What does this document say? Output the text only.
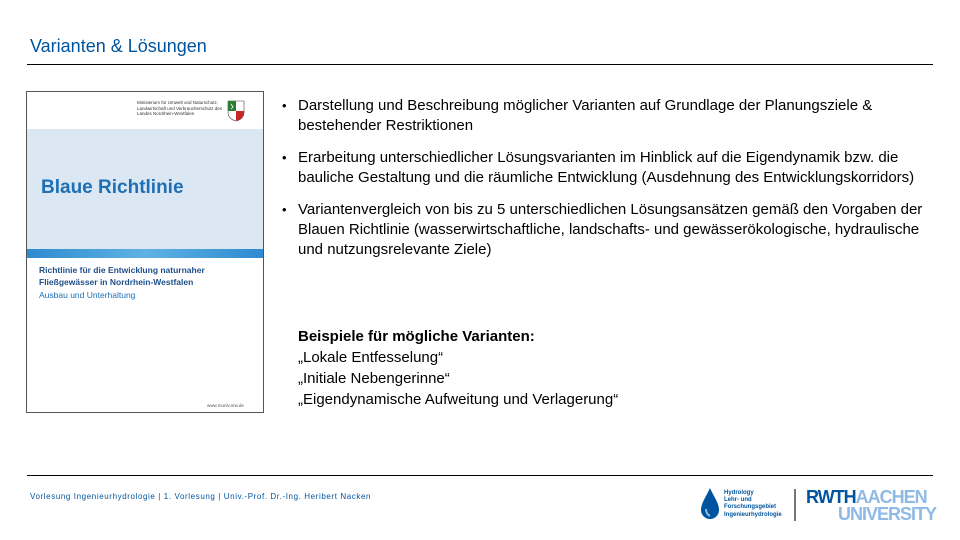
Varianten & Lösungen
Ministerium für Umwelt und Naturschutz, Landwirtschaft und Verbraucherschutz des Landes Nordrhein-Westfalen
Blaue Richtlinie
Richtlinie für die Entwicklung naturnaher Fließgewässer in Nordrhein-Westfalen
Ausbau und Unterhaltung
www.munlv.nrw.de
• Darstellung und Beschreibung möglicher Varianten auf Grundlage der Planungsziele & bestehender Restriktionen
• Erarbeitung unterschiedlicher Lösungsvarianten im Hinblick auf die Eigendynamik bzw. die bauliche Gestaltung und die räumliche Entwicklung (Ausdehnung des Entwicklungskorridors)
• Variantenvergleich von bis zu 5 unterschiedlichen Lösungsansätzen gemäß den Vorgaben der Blauen Richtlinie (wasserwirtschaftliche, landschafts- und gewässerökologische, hydraulische und nutzungsrelevante Ziele)
Beispiele für mögliche Varianten:
„Lokale Entfesselung“
„Initiale Nebengerinne“
„Eigendynamische Aufweitung und Verlagerung“
Vorlesung Ingenieurhydrologie | 1. Vorlesung | Univ.-Prof. Dr.-Ing. Heribert Nacken	Hydrology
Lehr- und
Forschungsgebiet
Ingenieurhydrologie
RWTHAACHEN
UNIVERSITY
